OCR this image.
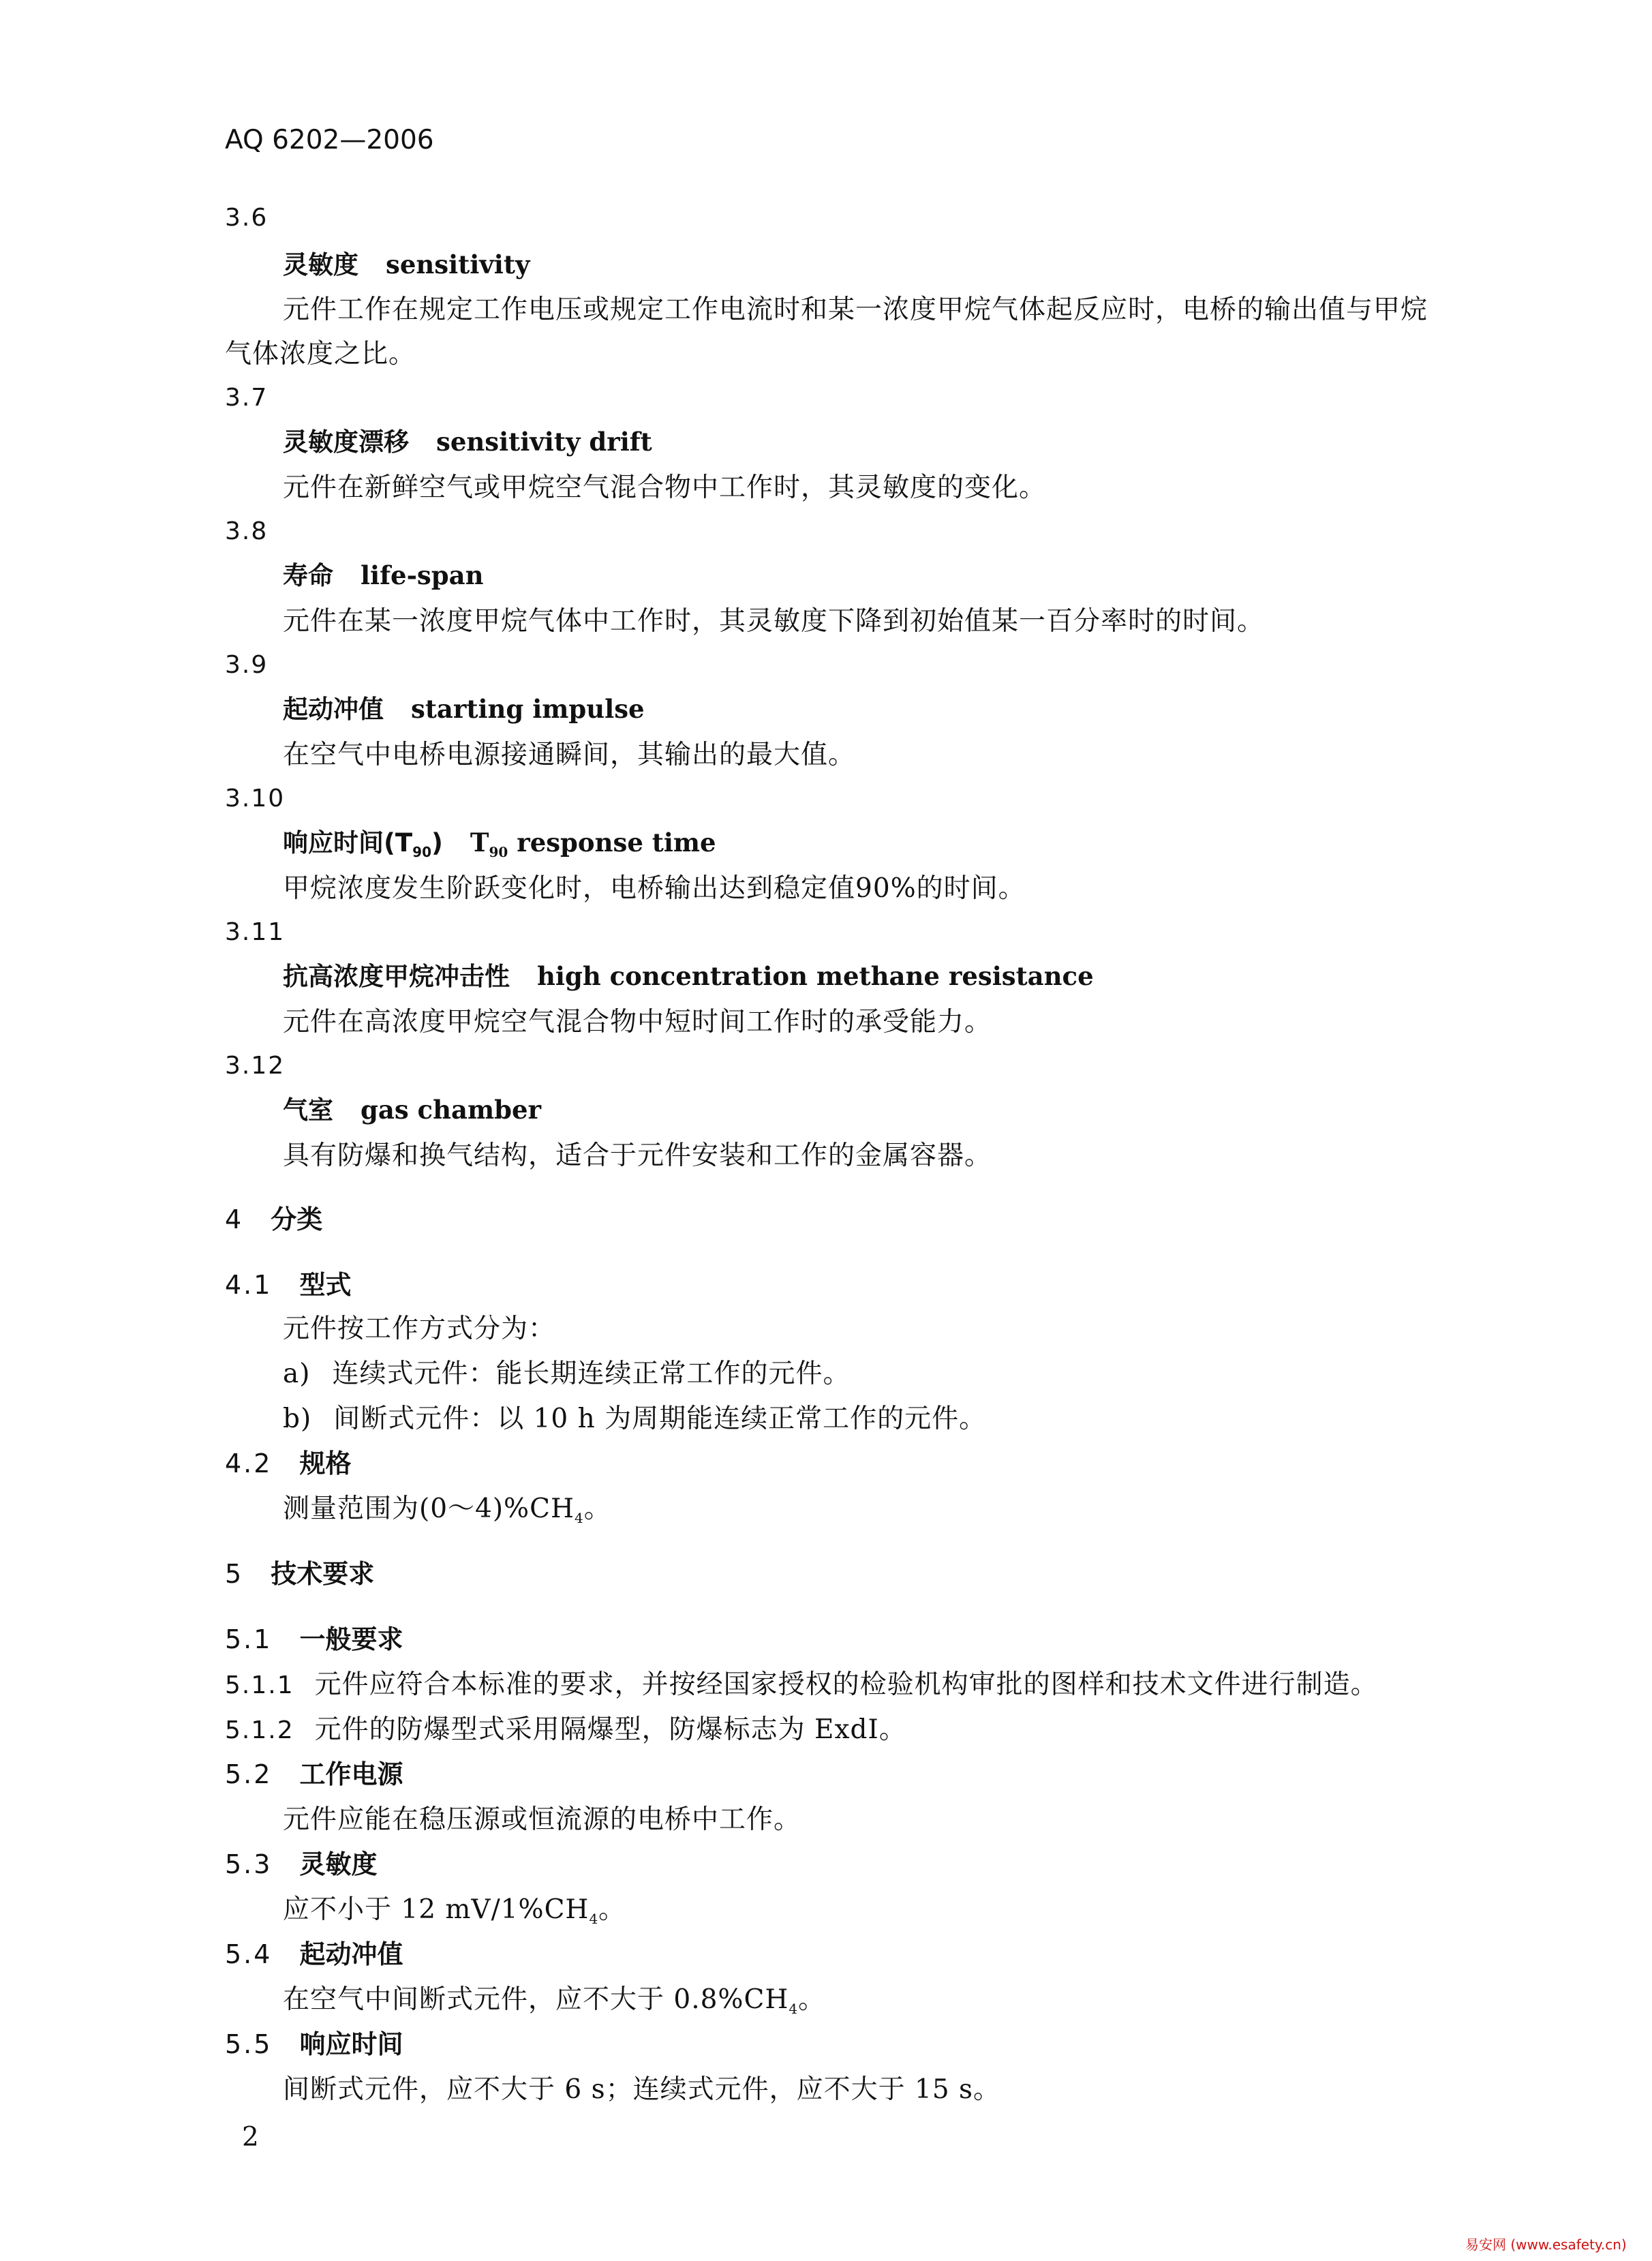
AQ 6202—2006
3.6
灵敏度 sensitivity
元件工作在规定工作电压或规定工作电流时和某一浓度甲烷气体起反应时，电桥的输出值与甲烷
气体浓度之比。
3.7
灵敏度漂移 sensitivity drift
元件在新鲜空气或甲烷空气混合物中工作时，其灵敏度的变化。
3.8
寿命 life-span
元件在某一浓度甲烷气体中工作时，其灵敏度下降到初始值某一百分率时的时间。
3.9
起动冲值 starting impulse
在空气中电桥电源接通瞬间，其输出的最大值。
3.10
响应时间$(T_{90})$ $T_{90}$ response time
甲烷浓度发生阶跃变化时，电桥输出达到稳定值90%的时间。
3.11
抗高浓度甲烷冲击性 high concentration methane resistance
元件在高浓度甲烷空气混合物中短时间工作时的承受能力。
3.12
气室 gas chamber
具有防爆和换气结构，适合于元件安装和工作的金属容器。
4 分类
4.1 型式
元件按工作方式分为：
a) 连续式元件：能长期连续正常工作的元件。
b) 间断式元件：以 10 h 为周期能连续正常工作的元件。
4.2 规格
测量范围为$(0\sim 4)\%CH_4$。
5 技术要求
5.1 一般要求
5.1.1 元件应符合本标准的要求，并按经国家授权的检验机构审批的图样和技术文件进行制造。
5.1.2 元件的防爆型式采用隔爆型，防爆标志为 ExdI。
5.2 工作电源
元件应能在稳压源或恒流源的电桥中工作。
5.3 灵敏度
应不小于 12 $mV/1\%CH_4$。
5.4 起动冲值
在空气中间断式元件，应不大于 $0.8\%CH_4$。
5.5 响应时间
间断式元件，应不大于 6 s；连续式元件，应不大于 15 s。
2
易安网 (www.esafety.cn)
